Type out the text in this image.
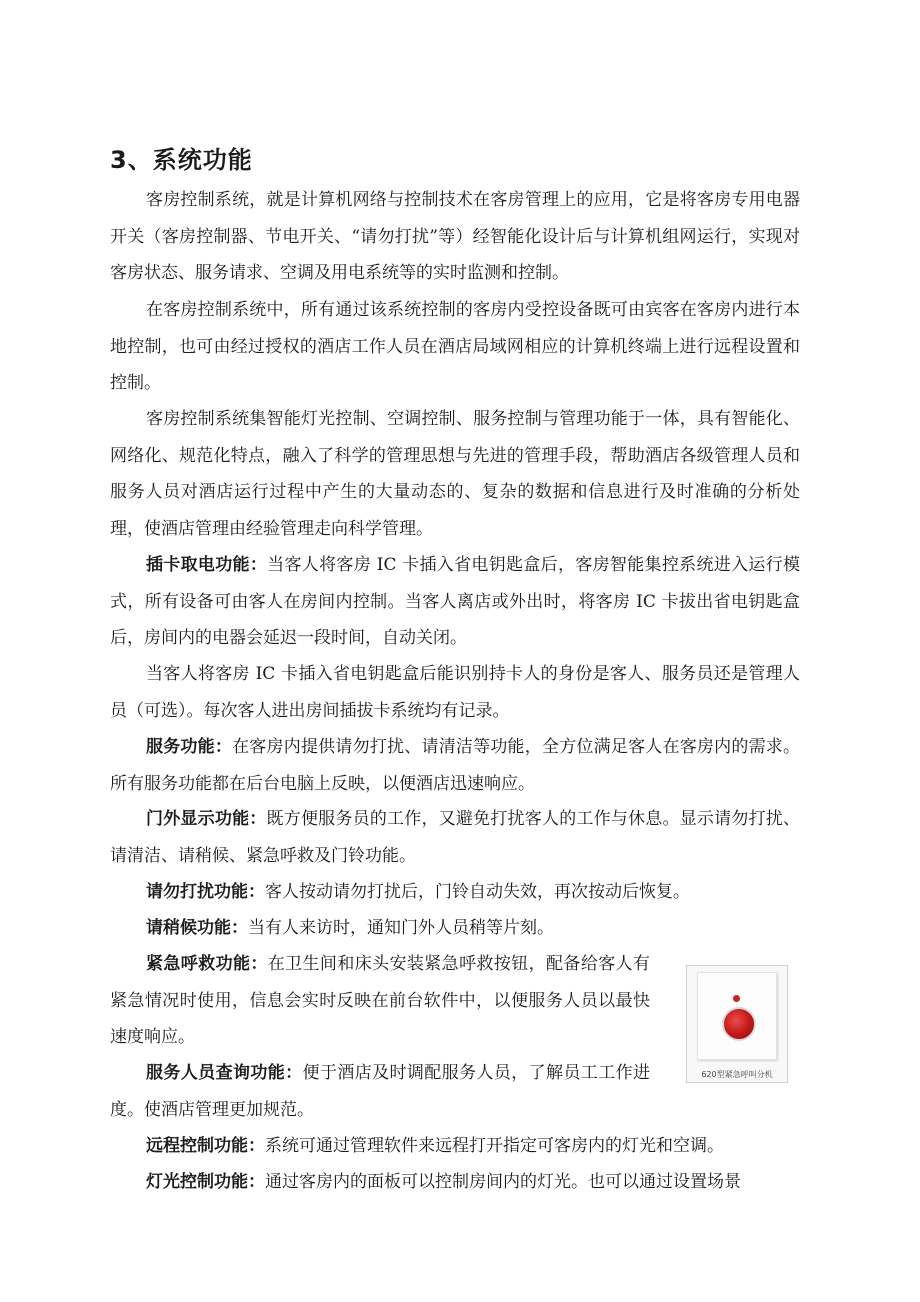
3、系统功能

客房控制系统，就是计算机网络与控制技术在客房管理上的应用，它是将客房专用电器开关（客房控制器、节电开关、“请勿打扰”等）经智能化设计后与计算机组网运行，实现对客房状态、服务请求、空调及用电系统等的实时监测和控制。

在客房控制系统中，所有通过该系统控制的客房内受控设备既可由宾客在客房内进行本地控制，也可由经过授权的酒店工作人员在酒店局域网相应的计算机终端上进行远程设置和控制。

客房控制系统集智能灯光控制、空调控制、服务控制与管理功能于一体，具有智能化、网络化、规范化特点，融入了科学的管理思想与先进的管理手段，帮助酒店各级管理人员和服务人员对酒店运行过程中产生的大量动态的、复杂的数据和信息进行及时准确的分析处理，使酒店管理由经验管理走向科学管理。

插卡取电功能：当客人将客房 IC 卡插入省电钥匙盒后，客房智能集控系统进入运行模式，所有设备可由客人在房间内控制。当客人离店或外出时，将客房 IC 卡拔出省电钥匙盒后，房间内的电器会延迟一段时间，自动关闭。

当客人将客房 IC 卡插入省电钥匙盒后能识别持卡人的身份是客人、服务员还是管理人员（可选）。每次客人进出房间插拔卡系统均有记录。

服务功能：在客房内提供请勿打扰、请清洁等功能，全方位满足客人在客房内的需求。所有服务功能都在后台电脑上反映，以便酒店迅速响应。

门外显示功能：既方便服务员的工作，又避免打扰客人的工作与休息。显示请勿打扰、请清洁、请稍候、紧急呼救及门铃功能。

请勿打扰功能：客人按动请勿打扰后，门铃自动失效，再次按动后恢复。

请稍候功能：当有人来访时，通知门外人员稍等片刻。

紧急呼救功能：在卫生间和床头安装紧急呼救按钮，配备给客人有紧急情况时使用，信息会实时反映在前台软件中，以便服务人员以最快速度响应。

服务人员查询功能：便于酒店及时调配服务人员，了解员工工作进度。使酒店管理更加规范。

远程控制功能：系统可通过管理软件来远程打开指定可客房内的灯光和空调。

灯光控制功能：通过客房内的面板可以控制房间内的灯光。也可以通过设置场景

620型紧急呼叫分机
